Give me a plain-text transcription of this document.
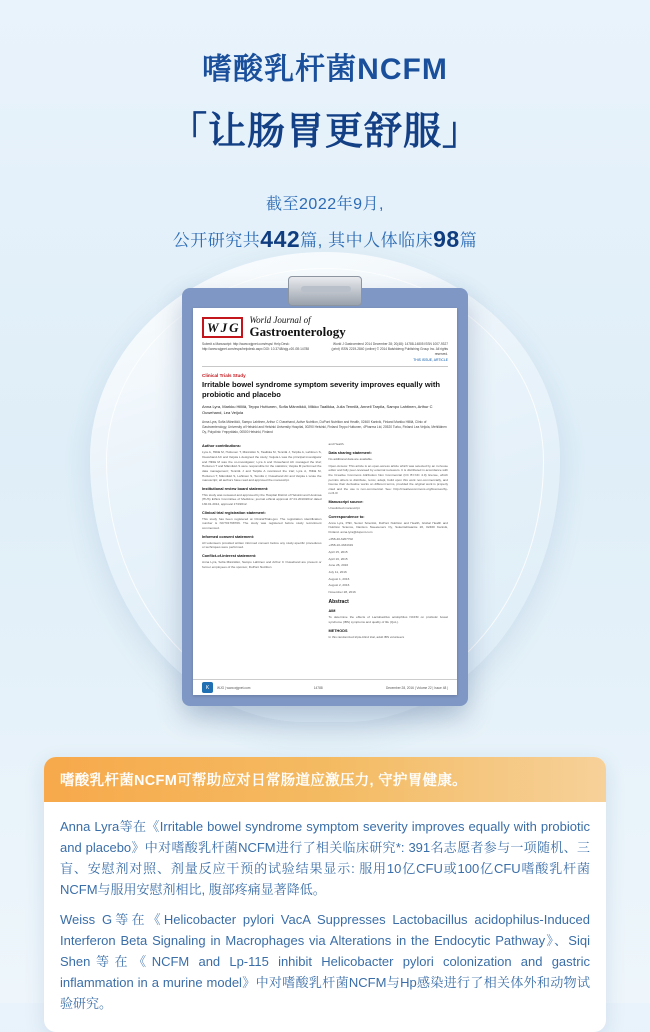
嗜酸乳杆菌NCFM
「让肠胃更舒服」
截至2022年9月,
公开研究共442篇, 其中人体临床98篇
W J G
World Journal of
Gastroenterology
Submit a Manuscript: http://www.wjgnet.com/esps/ Help Desk: http://www.wjgnet.com/esps/helpdesk.aspx DOI: 10.3748/wjg.v20.i39.14788
World J Gastroenterol 2014 December 28; 20(48): 14788-14805 ISSN 1007-9327 (print) ISSN 2219-2840 (online) © 2014 Baishideng Publishing Group Inc. All rights reserved.
THIS ISSUE, ARTICLE
Clinical Trials Study
Irritable bowel syndrome symptom severity improves equally with probiotic and placebo
Anna Lyra, Markku Hillilä, Teppo Huttunen, Sofia Männikkö, Mikko Taalikka, Julia Tennilä, Anneli Tarpila, Sampo Lahtinen, Arthur C Ouwehand, Lea Veijola
Anna Lyra, Sofia Männikkö, Sampo Lahtinen, Arthur C Ouwehand, Active Nutrition, DuPont Nutrition and Health, 02460 Kantvik, Finland Markku Hillilä, Clinic of Gastroenterology, University of Helsinki and Helsinki University Hospital, 00290 Helsinki, Finland Teppo Huttunen, 4Pharma Ltd, 20520 Turku, Finland Lea Veijola, Mehiläinen Oy, Polyclinic Ympyrätalo, 00500 Helsinki, Finland
Author contributions:
Lyra A, Hillilä M, Huttunen T, Männikkö S, Taalikka M, Tennilä J, Tarpila A, Lahtinen S, Ouwehand AC and Veijola L designed the study; Veijola L was the principal investigator and Hillilä M was the co-investigator; Lyra A and Ouwehand AC managed the trial; Huttunen T and Männikkö S were responsible for the statistics; Veijola M performed the data management; Tennilä J and Tarpila A monitored the trial; Lyra A, Hillilä M, Huttunen T, Männikkö S, Lahtinen S, Tennilä J, Ouwehand AC and Veijola L wrote the manuscript; all authors have read and approved the manuscript.
Institutional review board statement:
This study was reviewed and approved by the Hospital District of Helsinki and Uusimaa (HUS) Ethics Committee of Medicine; journal ethical approval 27.01.2010/2012 dated 130.01.2012, approval 173/2012.
Clinical trial registration statement:
This study has been registered at ClinicalTrials.gov. The registration identification number is NCT01798706. The study was registered before study recruitment commenced.
Informed consent statement:
All volunteers provided written informed consent before any study-specific procedures or techniques were performed.
Conflict-of-interest statement:
Anna Lyra, Sofia Männikkö, Sampo Lahtinen and Arthur C Ouwehand are present or former employees of the sponsor, DuPont Nutrition
and Health.
Data sharing statement:
No additional data are available.
Open-Access: This article is an open-access article which was selected by an in-house editor and fully peer-reviewed by external reviewers. It is distributed in accordance with the Creative Commons Attribution Non Commercial (CC BY-NC 4.0) license, which permits others to distribute, remix, adapt, build upon this work non-commercially, and license their derivative works on different terms, provided the original work is properly cited and the use is non-commercial. See: http://creativecommons.org/licenses/by-nc/4.0/
Manuscript source:
Unsolicited manuscript
Correspondence to:
Anna Lyra, PhD, Senior Scientist, DuPont Nutrition and Health, Global Health and Nutrition Science, Danisco Sweeteners Oy, Sokeritehtaantie 20, 02460 Kantvik, Finland. anna.lyra@dupont.com
+358-40-6267702
+358-10-4334319
April 15, 2015
April 16, 2015
June 26, 2016
July 11, 2016
August 1, 2016
August 2, 2016
November 28, 2016
Abstract
AIM
To determine the effects of Lactobacillus acidophilus NCFM on probiotic bowel syndrome (IBS) symptoms and quality of life (QoL).
METHODS
In this randomized triple-blind trial, adult IBS volunteers
K	WJG | www.wjgnet.com	14788	December 28, 2016 | Volume 22 | Issue 48 |
嗜酸乳杆菌NCFM可帮助应对日常肠道应激压力, 守护胃健康。

Anna Lyra等在《Irritable bowel syndrome symptom severity improves equally with probiotic and placebo》中对嗜酸乳杆菌NCFM进行了相关临床研究*: 391名志愿者参与一项随机、三盲、安慰剂对照、剂量反应干预的试验结果显示: 服用10亿CFU或100亿CFU嗜酸乳杆菌NCFM与服用安慰剂相比, 腹部疼痛显著降低。

Weiss G等在《Helicobacter pylori VacA Suppresses Lactobacillus acidophilus-Induced Interferon Beta Signaling in Macrophages via Alterations in the Endocytic Pathway》、Siqi Shen等在《NCFM and Lp-115 inhibit Helicobacter pylori colonization and gastric inflammation in a murine model》中对嗜酸乳杆菌NCFM与Hp感染进行了相关体外和动物试验研究。
